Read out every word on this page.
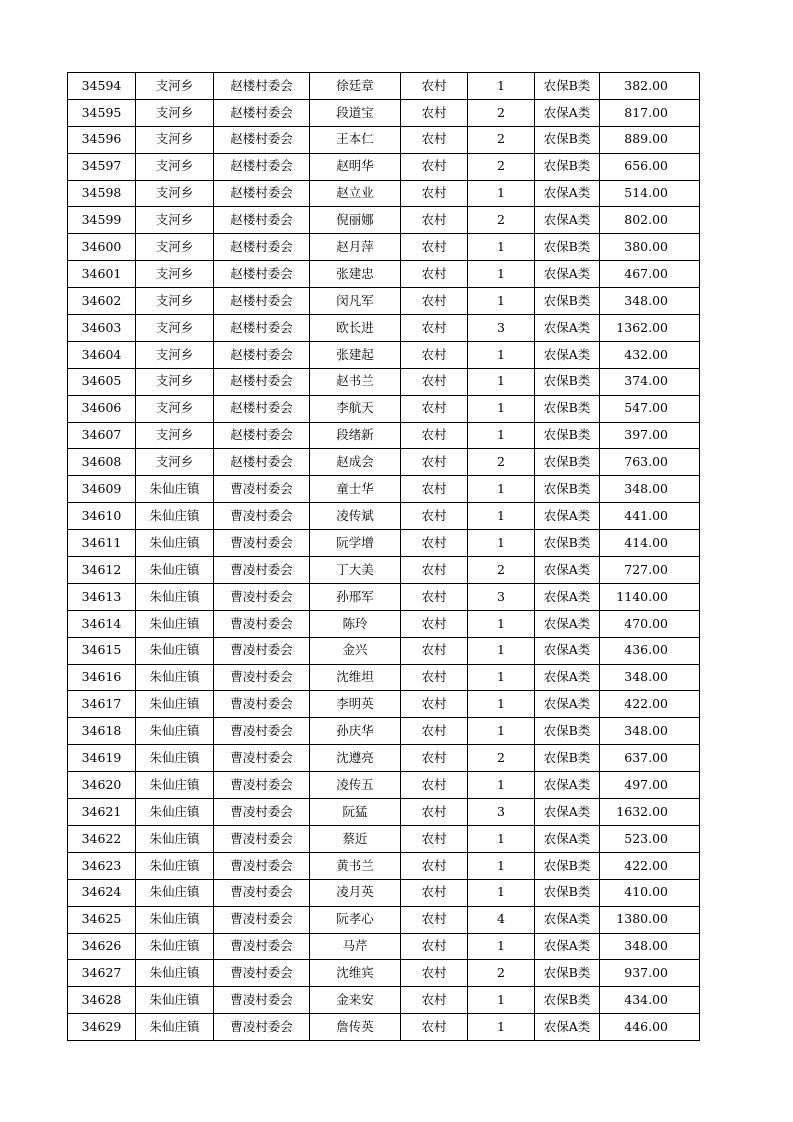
34594	支河乡	赵楼村委会	徐廷章	农村	1	农保B类	382.00
34595	支河乡	赵楼村委会	段道宝	农村	2	农保A类	817.00
34596	支河乡	赵楼村委会	王本仁	农村	2	农保B类	889.00
34597	支河乡	赵楼村委会	赵明华	农村	2	农保B类	656.00
34598	支河乡	赵楼村委会	赵立业	农村	1	农保A类	514.00
34599	支河乡	赵楼村委会	倪丽娜	农村	2	农保A类	802.00
34600	支河乡	赵楼村委会	赵月萍	农村	1	农保B类	380.00
34601	支河乡	赵楼村委会	张建忠	农村	1	农保A类	467.00
34602	支河乡	赵楼村委会	闵凡军	农村	1	农保B类	348.00
34603	支河乡	赵楼村委会	欧长进	农村	3	农保A类	1362.00
34604	支河乡	赵楼村委会	张建起	农村	1	农保A类	432.00
34605	支河乡	赵楼村委会	赵书兰	农村	1	农保B类	374.00
34606	支河乡	赵楼村委会	李航天	农村	1	农保B类	547.00
34607	支河乡	赵楼村委会	段绪新	农村	1	农保B类	397.00
34608	支河乡	赵楼村委会	赵成会	农村	2	农保B类	763.00
34609	朱仙庄镇	曹凌村委会	童士华	农村	1	农保B类	348.00
34610	朱仙庄镇	曹凌村委会	凌传斌	农村	1	农保A类	441.00
34611	朱仙庄镇	曹凌村委会	阮学增	农村	1	农保B类	414.00
34612	朱仙庄镇	曹凌村委会	丁大美	农村	2	农保A类	727.00
34613	朱仙庄镇	曹凌村委会	孙邢军	农村	3	农保A类	1140.00
34614	朱仙庄镇	曹凌村委会	陈玲	农村	1	农保A类	470.00
34615	朱仙庄镇	曹凌村委会	金兴	农村	1	农保A类	436.00
34616	朱仙庄镇	曹凌村委会	沈维坦	农村	1	农保A类	348.00
34617	朱仙庄镇	曹凌村委会	李明英	农村	1	农保A类	422.00
34618	朱仙庄镇	曹凌村委会	孙庆华	农村	1	农保B类	348.00
34619	朱仙庄镇	曹凌村委会	沈遵亮	农村	2	农保B类	637.00
34620	朱仙庄镇	曹凌村委会	凌传五	农村	1	农保A类	497.00
34621	朱仙庄镇	曹凌村委会	阮猛	农村	3	农保A类	1632.00
34622	朱仙庄镇	曹凌村委会	蔡近	农村	1	农保A类	523.00
34623	朱仙庄镇	曹凌村委会	黄书兰	农村	1	农保B类	422.00
34624	朱仙庄镇	曹凌村委会	凌月英	农村	1	农保B类	410.00
34625	朱仙庄镇	曹凌村委会	阮孝心	农村	4	农保A类	1380.00
34626	朱仙庄镇	曹凌村委会	马芹	农村	1	农保A类	348.00
34627	朱仙庄镇	曹凌村委会	沈维宾	农村	2	农保B类	937.00
34628	朱仙庄镇	曹凌村委会	金来安	农村	1	农保B类	434.00
34629	朱仙庄镇	曹凌村委会	詹传英	农村	1	农保A类	446.00
